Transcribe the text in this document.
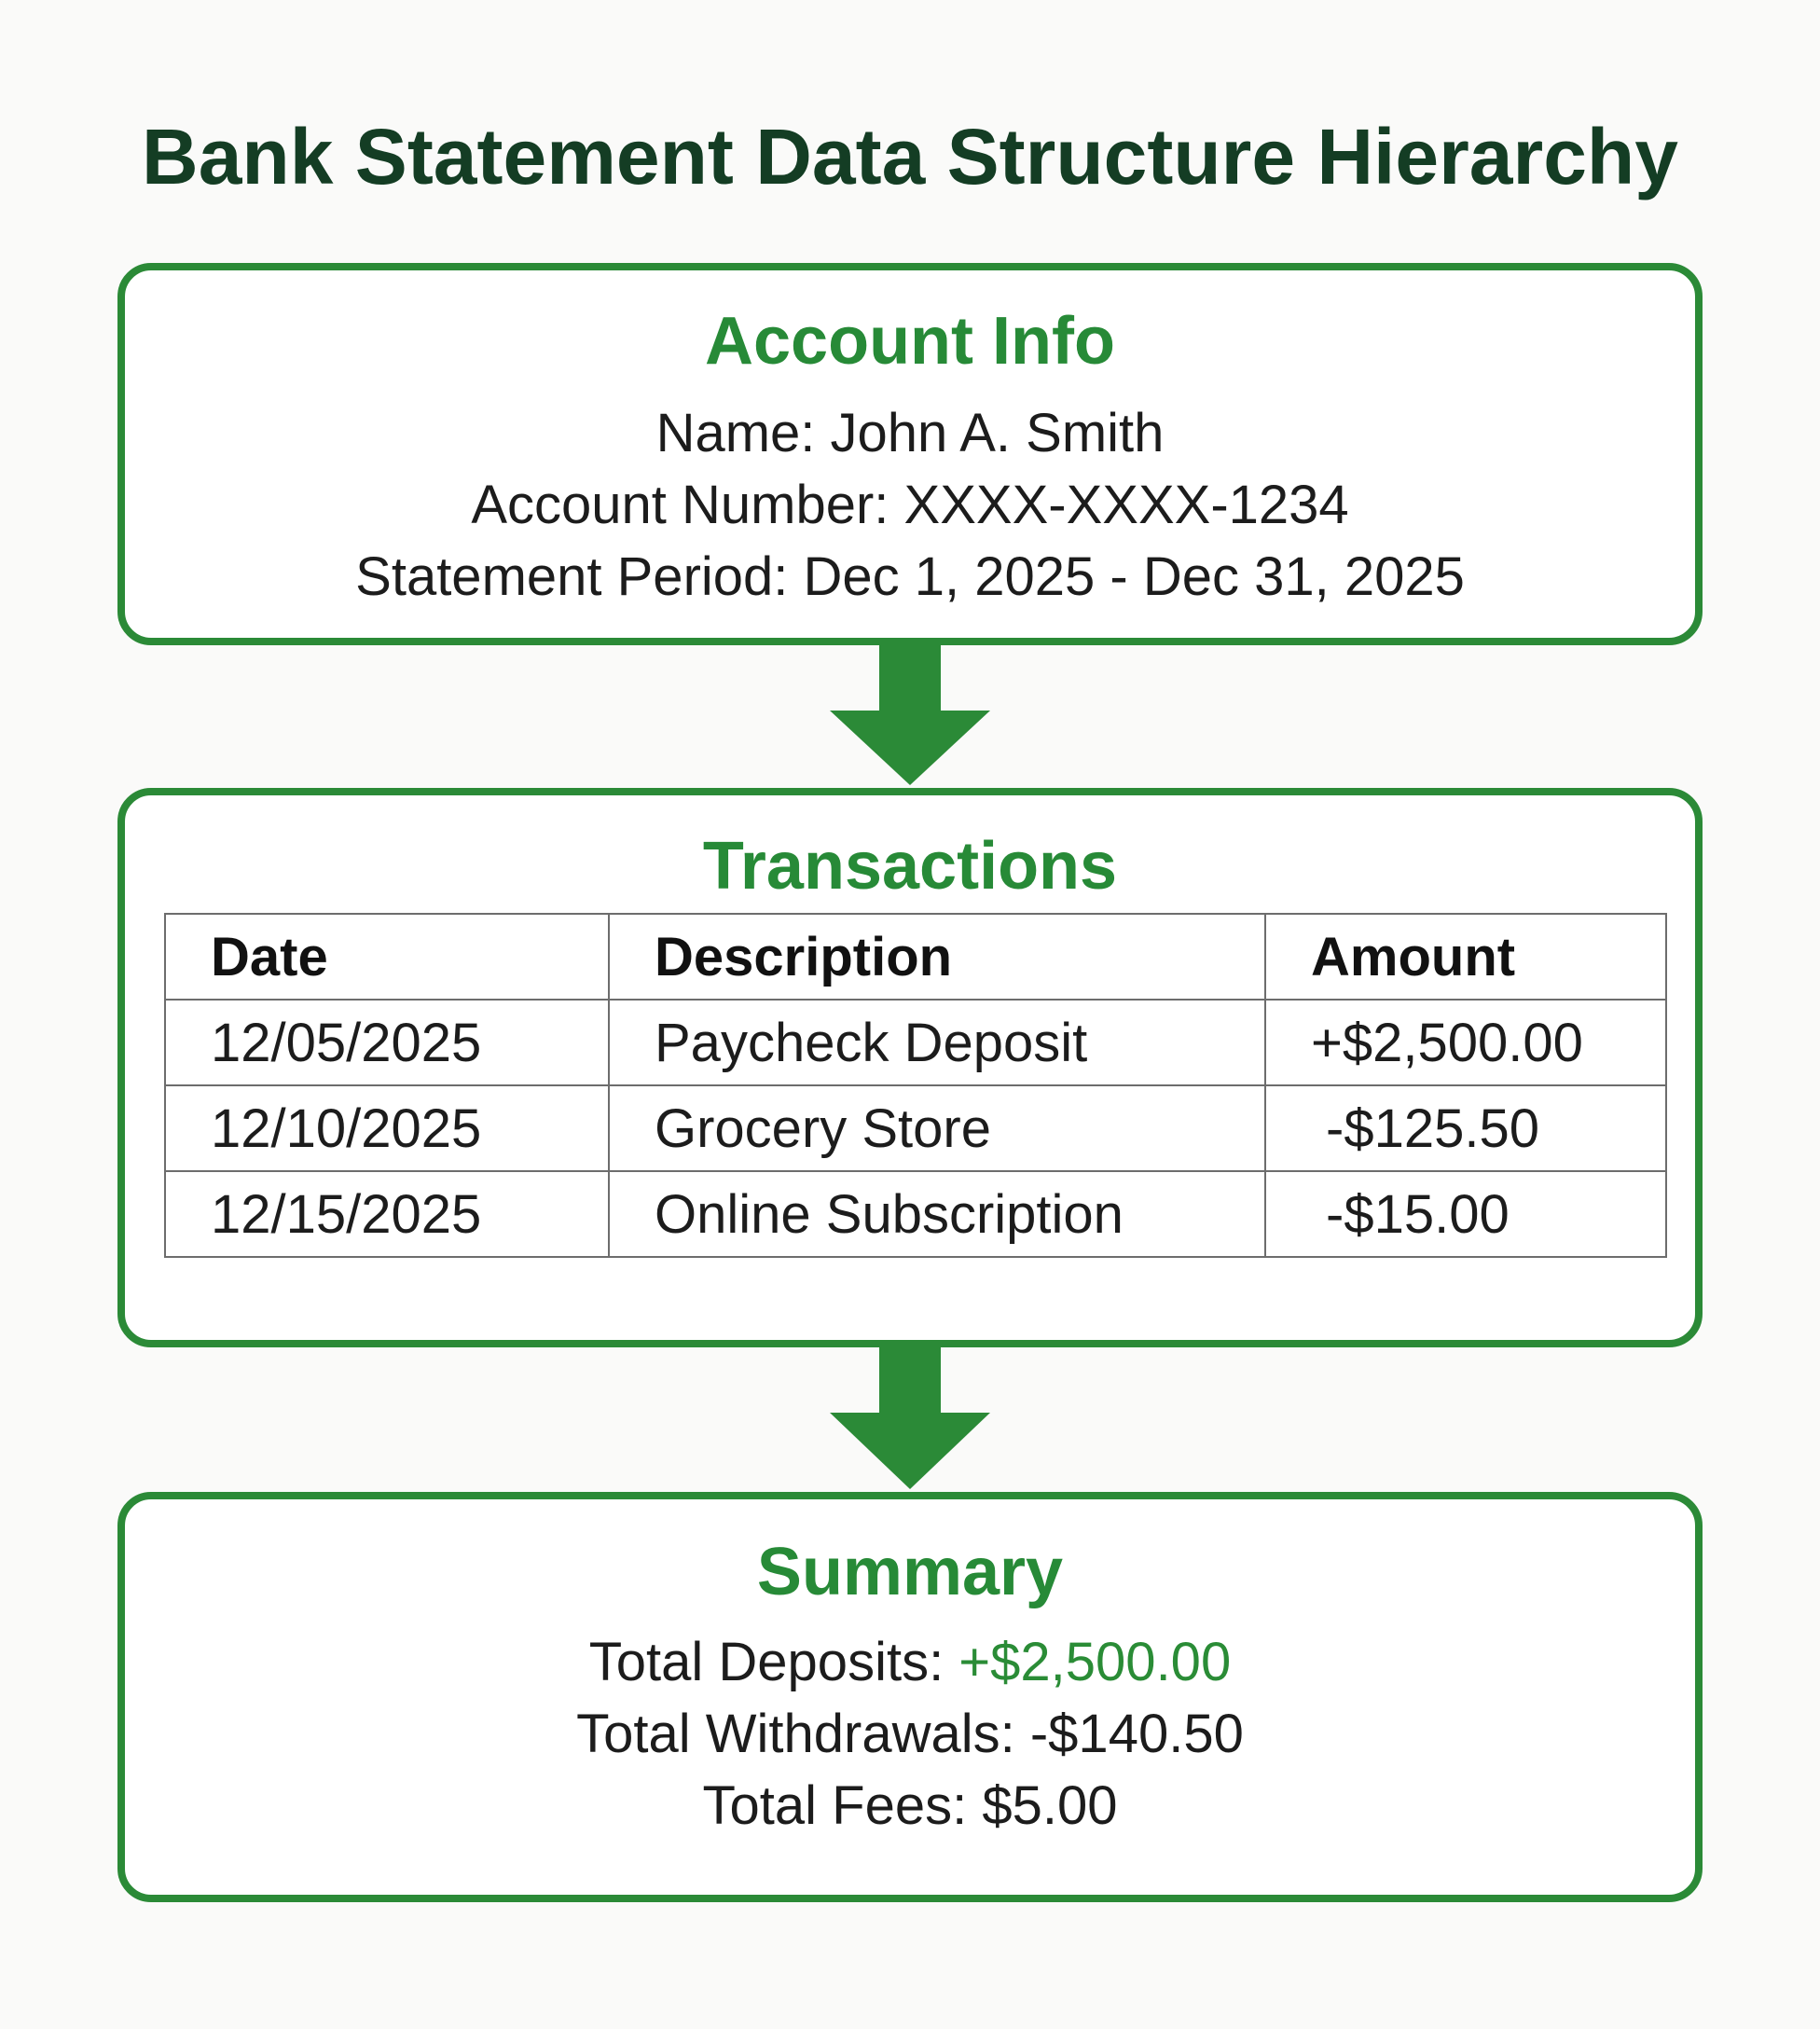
Bank Statement Data Structure Hierarchy
Account Info
Name: John A. Smith
Account Number: XXXX-XXXX-1234
Statement Period: Dec 1, 2025 - Dec 31, 2025
Transactions
Date	Description	Amount
12/05/2025	Paycheck Deposit	+$2,500.00
12/10/2025	Grocery Store	-$125.50
12/15/2025	Online Subscription	-$15.00
Summary
Total Deposits: +$2,500.00
Total Withdrawals: -$140.50
Total Fees: $5.00
